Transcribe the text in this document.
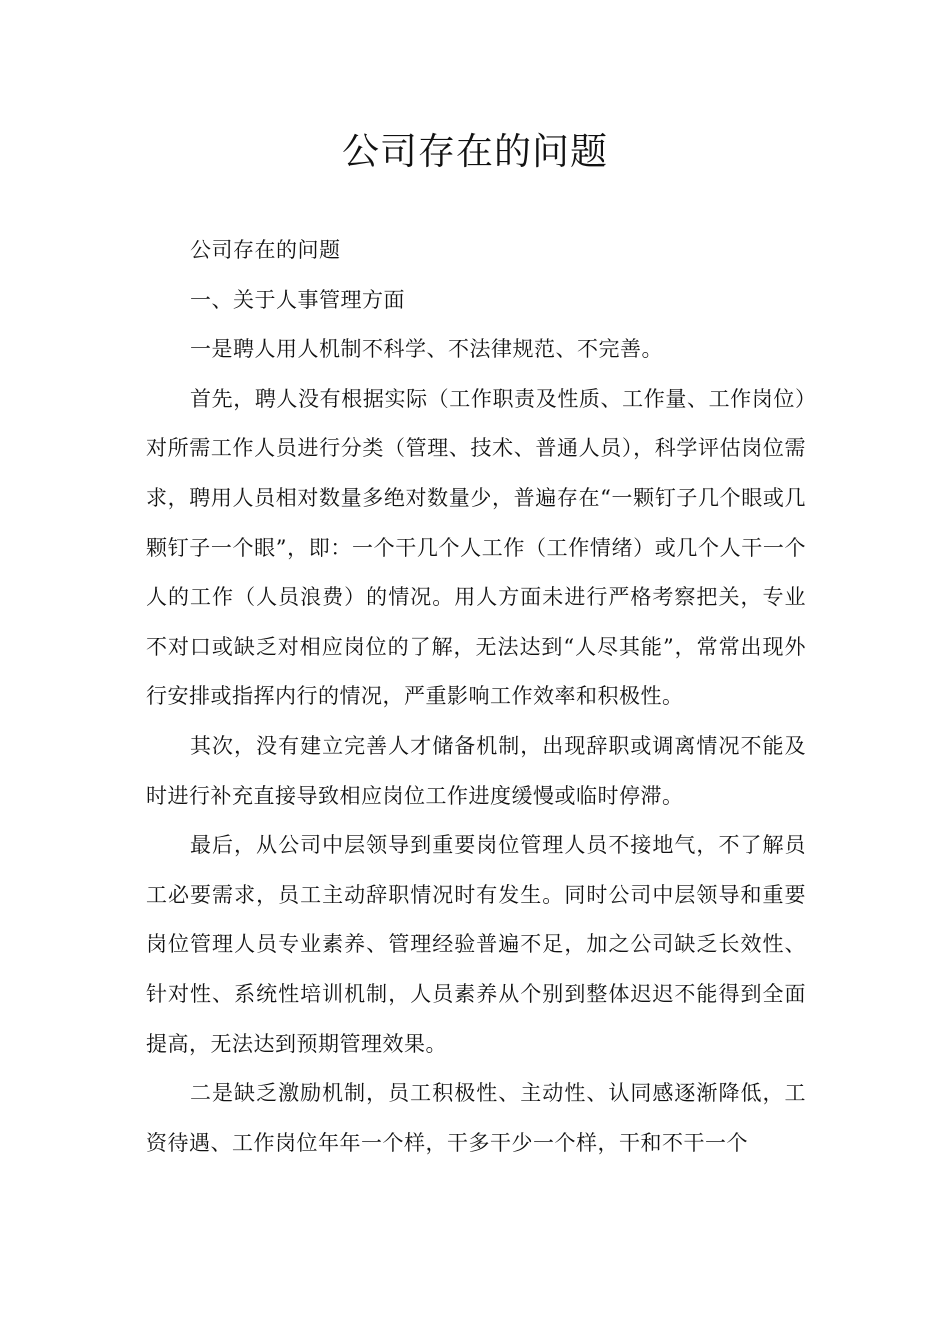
公司存在的问题

公司存在的问题

一、关于人事管理方面

一是聘人用人机制不科学、不法律规范、不完善。

首先，聘人没有根据实际（工作职责及性质、工作量、工作岗位）对所需工作人员进行分类（管理、技术、普通人员），科学评估岗位需求，聘用人员相对数量多绝对数量少，普遍存在“一颗钉子几个眼或几颗钉子一个眼”，即：一个干几个人工作（工作情绪）或几个人干一个人的工作（人员浪费）的情况。用人方面未进行严格考察把关，专业不对口或缺乏对相应岗位的了解，无法达到“人尽其能”，常常出现外行安排或指挥内行的情况，严重影响工作效率和积极性。

其次，没有建立完善人才储备机制，出现辞职或调离情况不能及时进行补充直接导致相应岗位工作进度缓慢或临时停滞。

最后，从公司中层领导到重要岗位管理人员不接地气，不了解员工必要需求，员工主动辞职情况时有发生。同时公司中层领导和重要岗位管理人员专业素养、管理经验普遍不足，加之公司缺乏长效性、针对性、系统性培训机制，人员素养从个别到整体迟迟不能得到全面提高，无法达到预期管理效果。

二是缺乏激励机制，员工积极性、主动性、认同感逐渐降低，工资待遇、工作岗位年年一个样，干多干少一个样，干和不干一个
